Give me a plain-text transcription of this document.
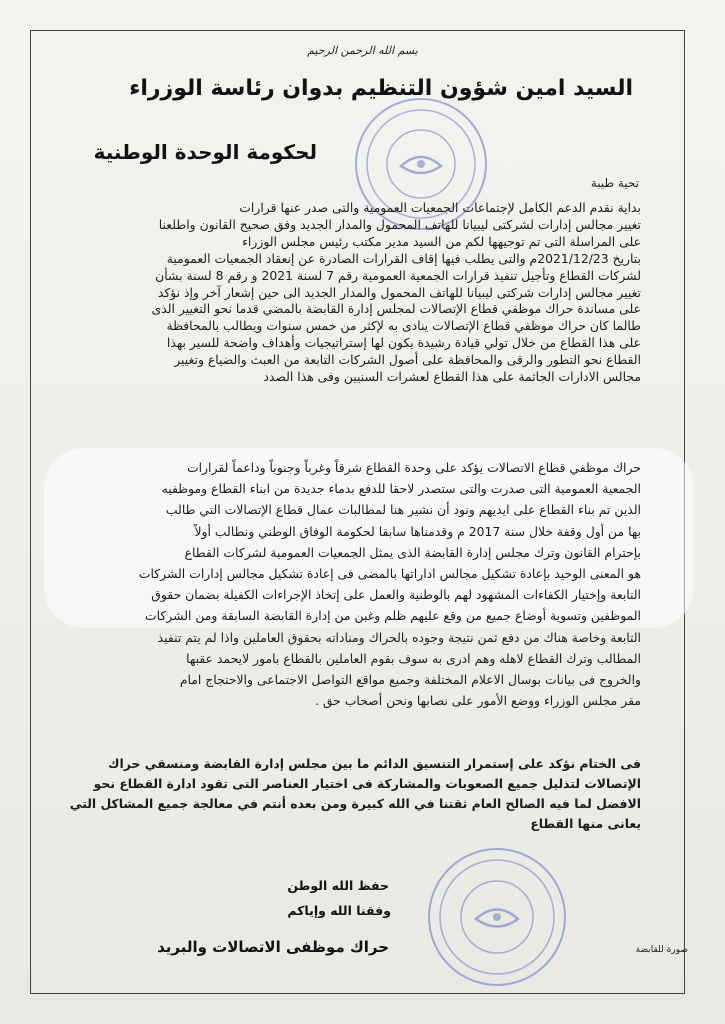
بسم الله الرحمن الرحيم
السيد امين شؤون التنظيم بدوان رئاسة الوزراء
لحكومة الوحدة الوطنية
تحية طيبة
بداية نقدم الدعم الكامل لإجتماعات الجمعيات العمومية والتى صدر عنها قرارات
تغيير مجالس إدارات لشركتى ليبيانا للهاتف المحمول والمدار الجديد وفق صحيح القانون واطلعنا
على المراسلة التى تم توجيهها لكم من السيد مدير مكتب رئيس مجلس الوزراء
بتاريخ 2021/12/23م والتى يطلب فيها إقاف القرارات الصادرة عن إنعقاد الجمعيات العمومية
لشركات القطاع وتأجيل تنفيذ قرارات الجمعية العمومية رقم 7 لسنة 2021 و رقم 8 لسنة بشأن
تغيير مجالس إدارات شركتى ليبيانا للهاتف المحمول والمدار الجديد الى حين إشعار آخر وإذ نؤكد
على مساندة حراك موظفي قطاع الإتصالات لمجلس إدارة القابضة بالمضي قدما نحو التغيير الذى
طالما كان حراك موظفي قطاع الإتصالات ينادى به لإكثر من خمس سنوات ويطالب بالمحافظة
على هذا القطاع من خلال تولي قيادة رشيدة يكون لها إستراتيجيات وأهداف واضحة للسير بهذا
القطاع نحو التطور والرقى والمحافظة على أصول الشركات التابعة من العبث والضياع وتغيير
مجالس الادارات الجاثمة على هذا القطاع لعشرات السنيين وفى هذا الصدد
حراك موظفي قطاع الاتصالات يؤكد على وحدة القطاع شرقاً وغرباً وجنوباً وداعماً لقرارات
الجمعية العمومية التى صدرت والتى ستصدر لاحقا للدفع بدماء جديدة من ابناء القطاع وموظفيه
الذين تم بناء القطاع على ايديهم ونود أن نشير هنا لمطالبات عمال قطاع الإتصالات التي طالب
بها من أول وقفة خلال سنة 2017 م وقدمناها سابقا لحكومة الوفاق الوطني ونطالب أولاً
بإحترام القانون وترك مجلس إدارة القابضة الذى يمثل الجمعيات العمومية لشركات القطاع
هو المعنى الوحيد بإعادة تشكيل مجالس اداراتها بالمضى فى إعادة تشكيل مجالس إدارات الشركات
التابعة وإختيار الكفاءات المشهود لهم بالوطنية والعمل على إتخاذ الإجراءات الكفيلة بضمان حقوق
الموظفين وتسوية أوضاع جميع من وقع عليهم ظلم وغبن من إدارة القابضة السابقة ومن الشركات
التابعة وخاصة هناك من دفع ثمن نتيجة وجوده بالحراك ومناداته بحقوق العاملين واذا لم يتم تنفيذ
المطالب وترك القطاع لاهله وهم ادرى به سوف بقوم العاملين بالقطاع بامور لايحمد عقبها
والخروج فى بيانات بوسال الاعلام المختلفة وجميع مواقع التواصل الاجتماعى والاحتجاج امام
مقر مجلس الوزراء ووضع الأمور على نصابها ونحن أصحاب حق .
فى الختام نؤكد على إستمرار التنسيق الدائم ما بين مجلس إدارة القابضة ومنسقي حراك
الإتصالات لتذليل جميع الصعوبات والمشاركة فى اختيار العناصر التى تقود ادارة القطاع نحو
الافضل لما فيه الصالح العام ثقتنا في الله كبيرة ومن بعده أنتم في معالجة جميع المشاكل التي
يعانى منها القطاع
حفظ الله الوطن
وفقنا الله وإياكم
حراك موظفى الاتصالات والبريد	صورة للقابضة
